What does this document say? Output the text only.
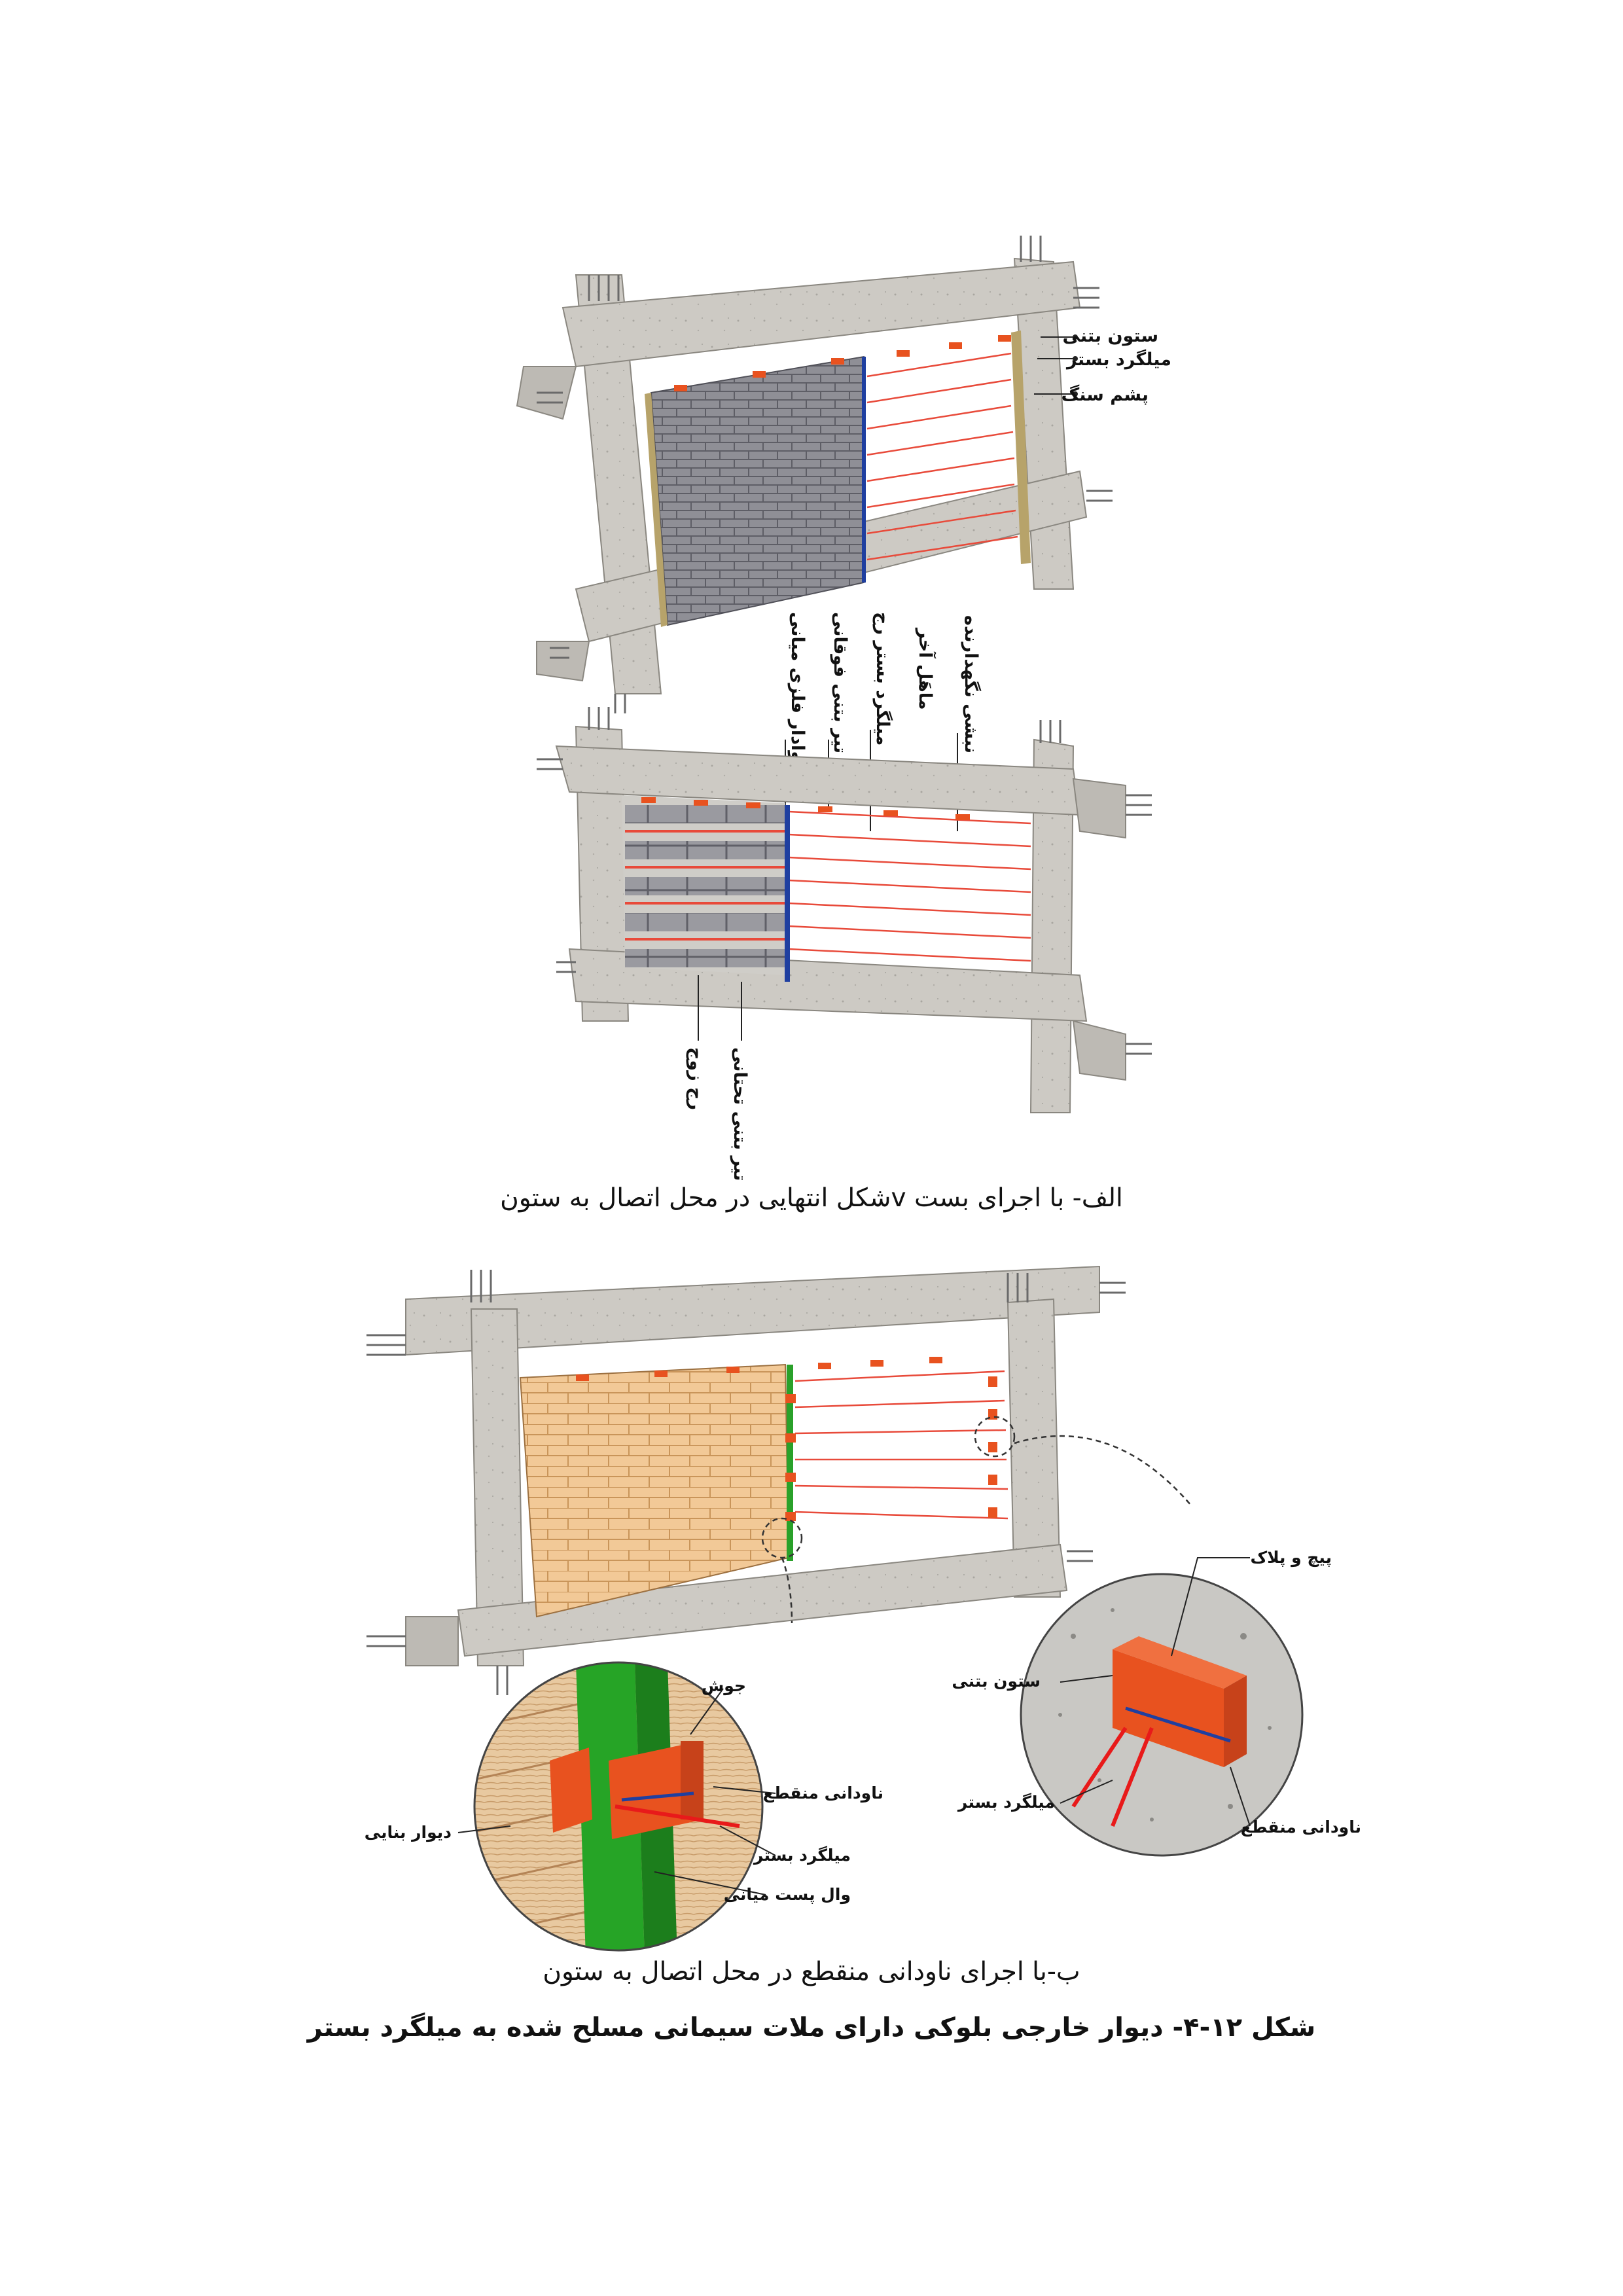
ستون بتنی
میلگرد بستر
پشم سنگ
وادار فلزی میانی تیر بتنی فوقانی میلگرد بستر رج ماهَل آخر نبشی نگهدارنده
رج زوج تیر بتنی تحتانی
پیچ و پلاک
ستون بتنی
میلگرد بستر
ناودانی منقطع
جوش
دیوار بنایی
ناودانی منقطع
میلگرد بستر
وال پست میانی
الف- با اجرای بست vشکل انتهایی در محل اتصال به ستون
ب-با اجرای ناودانی منقطع در محل اتصال به ستون
شکل ۱۲-۴- دیوار خارجی بلوکی دارای ملات سیمانی مسلح شده به میلگرد بستر
